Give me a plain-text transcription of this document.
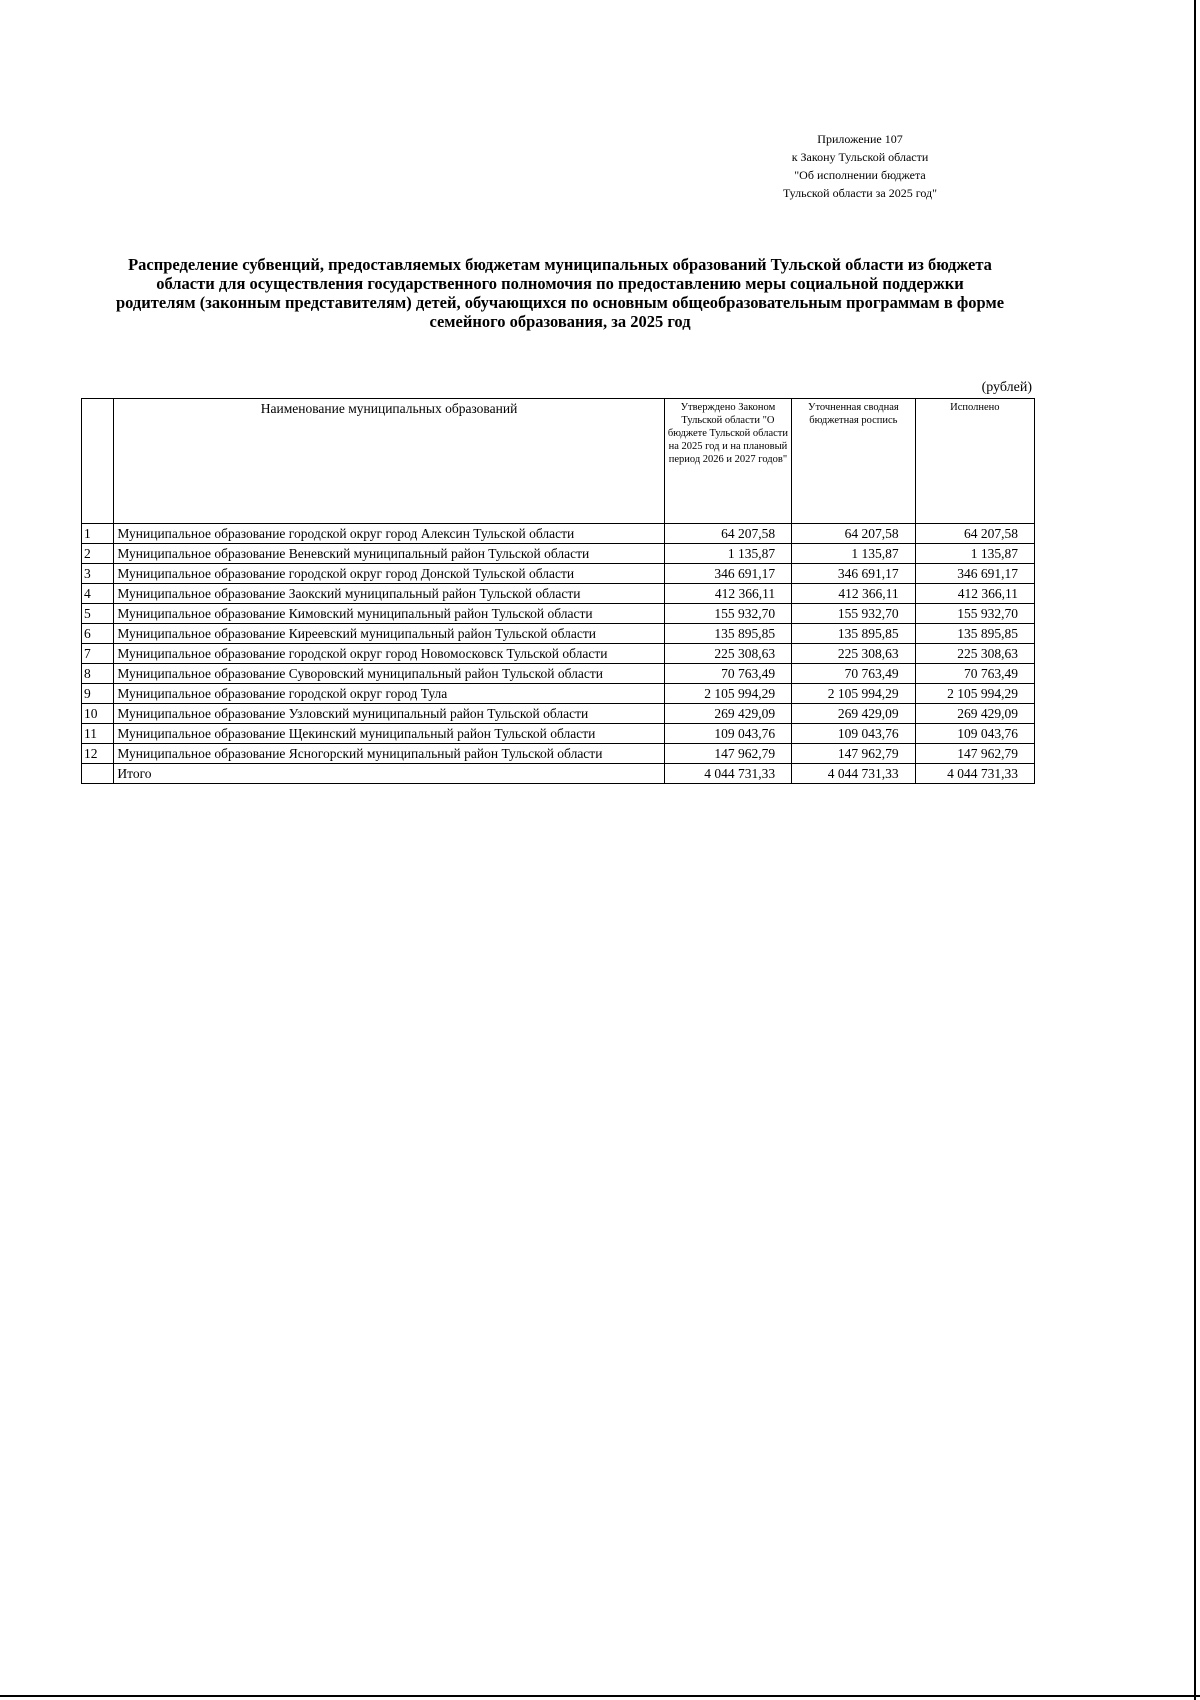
Приложение 107
к Закону Тульской области
"Об исполнении бюджета
Тульской области за 2025 год"
Распределение субвенций, предоставляемых бюджетам муниципальных образований Тульской области из бюджета
области для осуществления государственного полномочия по предоставлению меры социальной поддержки
родителям (законным представителям) детей, обучающихся по основным общеобразовательным программам в форме
семейного образования, за 2025 год
(рублей)
	Наименование муниципальных образований	Утверждено Законом Тульской области "О бюджете Тульской области на 2025 год и на плановый период 2026 и 2027 годов"	Уточненная сводная бюджетная роспись	Исполнено
1	Муниципальное образование городской округ город Алексин Тульской области	64 207,58	64 207,58	64 207,58
2	Муниципальное образование Веневский муниципальный район Тульской области	1 135,87	1 135,87	1 135,87
3	Муниципальное образование городской округ город Донской Тульской области	346 691,17	346 691,17	346 691,17
4	Муниципальное образование Заокский муниципальный район Тульской области	412 366,11	412 366,11	412 366,11
5	Муниципальное образование Кимовский муниципальный район Тульской области	155 932,70	155 932,70	155 932,70
6	Муниципальное образование Киреевский муниципальный район Тульской области	135 895,85	135 895,85	135 895,85
7	Муниципальное образование городской округ город Новомосковск Тульской области	225 308,63	225 308,63	225 308,63
8	Муниципальное образование Суворовский муниципальный район Тульской области	70 763,49	70 763,49	70 763,49
9	Муниципальное образование городской округ город Тула	2 105 994,29	2 105 994,29	2 105 994,29
10	Муниципальное образование Узловский муниципальный район Тульской области	269 429,09	269 429,09	269 429,09
11	Муниципальное образование Щекинский муниципальный район Тульской области	109 043,76	109 043,76	109 043,76
12	Муниципальное образование Ясногорский муниципальный район Тульской области	147 962,79	147 962,79	147 962,79
	Итого	4 044 731,33	4 044 731,33	4 044 731,33
